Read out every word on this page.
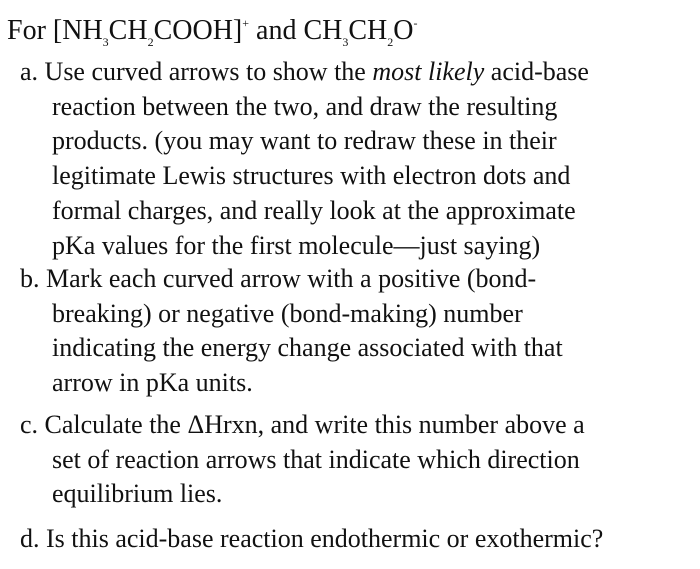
For $[NH_3CH_2COOH]^+$ and $CH_3CH_2O^-$
a. Use curved arrows to show the most likely acid-base
reaction between the two, and draw the resulting
products. (you may want to redraw these in their
legitimate Lewis structures with electron dots and
formal charges, and really look at the approximate
pKa values for the first molecule—just saying)
b. Mark each curved arrow with a positive (bond-
breaking) or negative (bond-making) number
indicating the energy change associated with that
arrow in pKa units.
c. Calculate the ΔHrxn, and write this number above a
set of reaction arrows that indicate which direction
equilibrium lies.
d. Is this acid-base reaction endothermic or exothermic?
